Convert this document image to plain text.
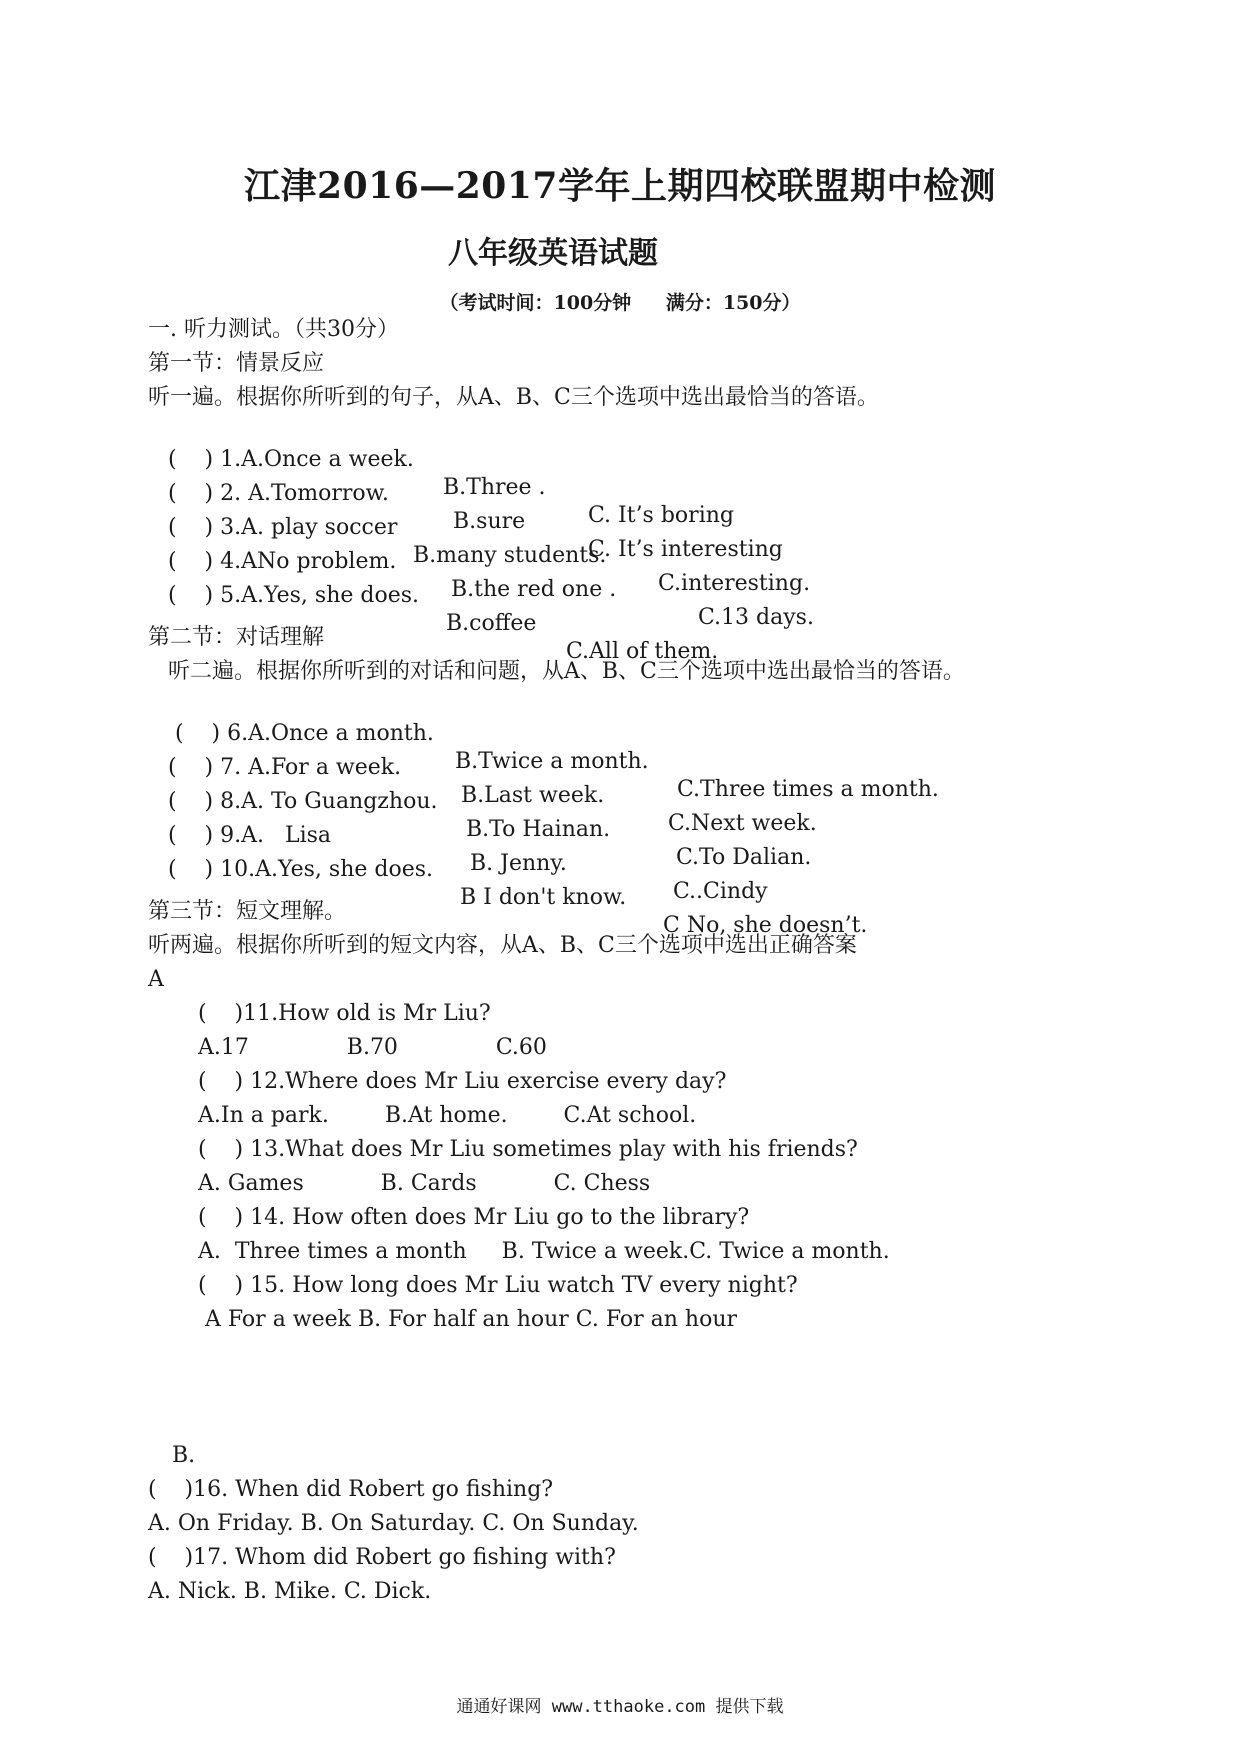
江津2016—2017学年上期四校联盟期中检测
八年级英语试题
（考试时间：100分钟 满分：150分）
一. 听力测试。（共30分）
第一节：情景反应
听一遍。根据你所听到的句子，从A、B、C三个选项中选出最恰当的答语。

(    ) 1.A.Once a week.

B.Three .

C. It’s boring

(    ) 2. A.Tomorrow.

B.sure

C. It’s interesting

(    ) 3.A. play soccer

B.many students.

C.interesting.

(    ) 4.ANo problem.

B.the red one .

C.13 days.

(    ) 5.A.Yes, she does.

B.coffee

C.All of them.

第二节：对话理解
听二遍。根据你所听到的对话和问题，从A、B、C三个选项中选出最恰当的答语。

(    ) 6.A.Once a month.

B.Twice a month.

C.Three times a month.

(    ) 7. A.For a week.

B.Last week.

C.Next week.

(    ) 8.A. To Guangzhou.

B.To Hainan.

C.To Dalian.

(    ) 9.A.   Lisa

B. Jenny.

C..Cindy

(    ) 10.A.Yes, she does.

B I don't know.

C No, she doesn’t.

第三节：短文理解。
听两遍。根据你所听到的短文内容，从A、B、C三个选项中选出正确答案
A
(    )11.How old is Mr Liu?
A.17              B.70              C.60
(    ) 12.Where does Mr Liu exercise every day?
A.In a park.        B.At home.        C.At school.
(    ) 13.What does Mr Liu sometimes play with his friends?
A. Games           B. Cards           C. Chess
(    ) 14. How often does Mr Liu go to the library?
A.  Three times a month     B. Twice a week.C. Twice a month.
(    ) 15. How long does Mr Liu watch TV every night?
A For a week B. For half an hour C. For an hour
B.
(    )16. When did Robert go fishing?
A. On Friday. B. On Saturday. C. On Sunday.
(    )17. Whom did Robert go fishing with?
A. Nick. B. Mike. C. Dick.
通通好课网 www.tthaoke.com 提供下载
